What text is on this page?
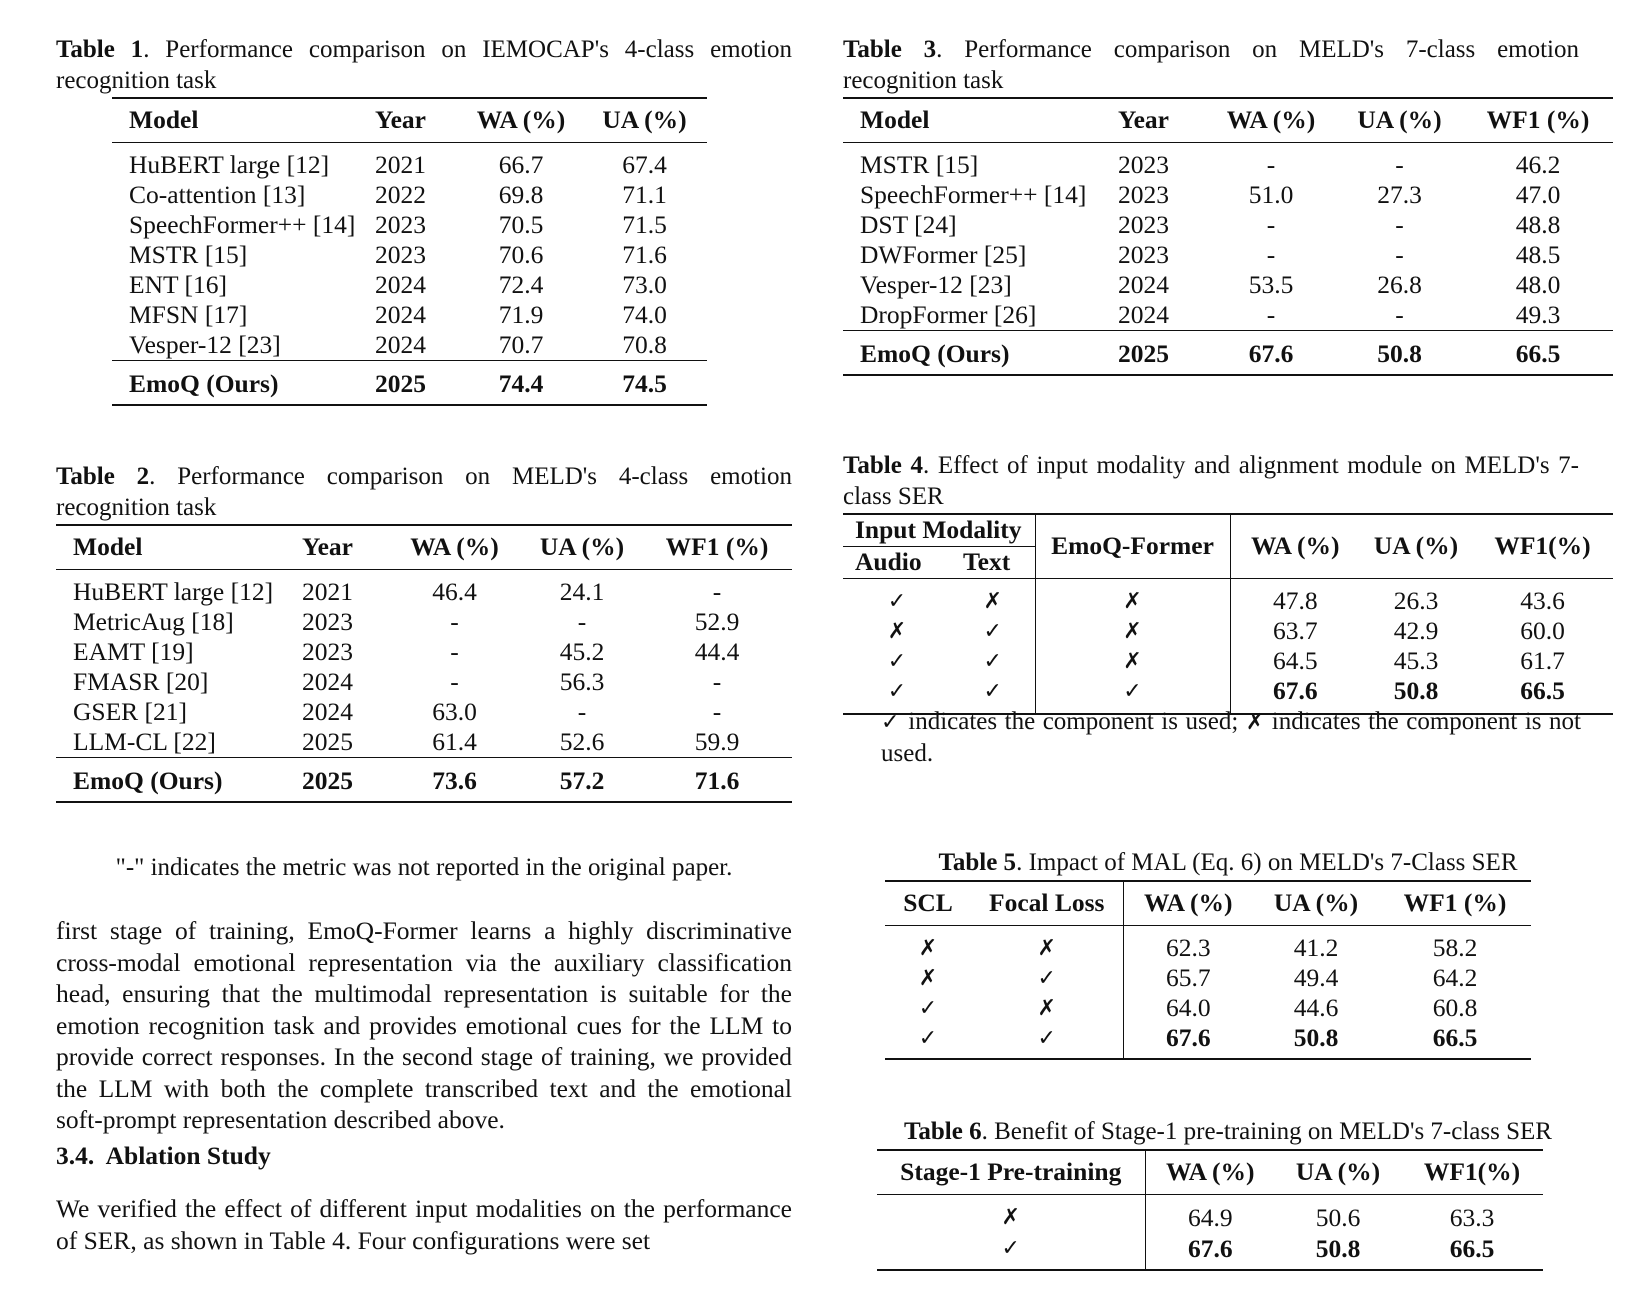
Table 1. Performance comparison on IEMOCAP's 4-class emotion recognition task
Model	Year	WA (%)	UA (%)

HuBERT large [12]	2021	66.7	67.4
Co-attention [13]	2022	69.8	71.1
SpeechFormer++ [14]	2023	70.5	71.5
MSTR [15]	2023	70.6	71.6
ENT [16]	2024	72.4	73.0
MFSN [17]	2024	71.9	74.0
Vesper-12 [23]	2024	70.7	70.8

EmoQ (Ours)	2025	74.4	74.5
Table 2. Performance comparison on MELD's 4-class emotion recognition task
Model	Year	WA (%)	UA (%)	WF1 (%)

HuBERT large [12]	2021	46.4	24.1	-
MetricAug [18]	2023	-	-	52.9
EAMT [19]	2023	-	45.2	44.4
FMASR [20]	2024	-	56.3	-
GSER [21]	2024	63.0	-	-
LLM-CL [22]	2025	61.4	52.6	59.9

EmoQ (Ours)	2025	73.6	57.2	71.6
"-" indicates the metric was not reported in the original paper.
first stage of training, EmoQ-Former learns a highly discriminative cross-modal emotional representation via the auxiliary classification head, ensuring that the multimodal representation is suitable for the emotion recognition task and provides emotional cues for the LLM to provide correct responses. In the second stage of training, we provided the LLM with both the complete transcribed text and the emotional soft-prompt representation described above.
3.4.  Ablation Study
We verified the effect of different input modalities on the performance of SER, as shown in Table 4. Four configurations were set
Table 3. Performance comparison on MELD's 7-class emotion recognition task
Model	Year	WA (%)	UA (%)	WF1 (%)

MSTR [15]	2023	-	-	46.2
SpeechFormer++ [14]	2023	51.0	27.3	47.0
DST [24]	2023	-	-	48.8
DWFormer [25]	2023	-	-	48.5
Vesper-12 [23]	2024	53.5	26.8	48.0
DropFormer [26]	2024	-	-	49.3

EmoQ (Ours)	2025	67.6	50.8	66.5
Table 4. Effect of input modality and alignment module on MELD's 7-class SER
Input Modality		EmoQ-Former	WA (%)	UA (%)	WF1(%)
Audio	Text				

✓	✗	✗	47.8	26.3	43.6
✗	✓	✗	63.7	42.9	60.0
✓	✓	✗	64.5	45.3	61.7
✓	✓	✓	67.6	50.8	66.5

✓ indicates the component is used; ✗ indicates the component is not used.
Table 5. Impact of MAL (Eq. 6) on MELD's 7-Class SER
SCL	Focal Loss	WA (%)	UA (%)	WF1 (%)

✗	✗	62.3	41.2	58.2
✗	✓	65.7	49.4	64.2
✓	✗	64.0	44.6	60.8
✓	✓	67.6	50.8	66.5

Table 6. Benefit of Stage-1 pre-training on MELD's 7-class SER
Stage-1 Pre-training	WA (%)	UA (%)	WF1(%)

✗	64.9	50.6	63.3
✓	67.6	50.8	66.5
